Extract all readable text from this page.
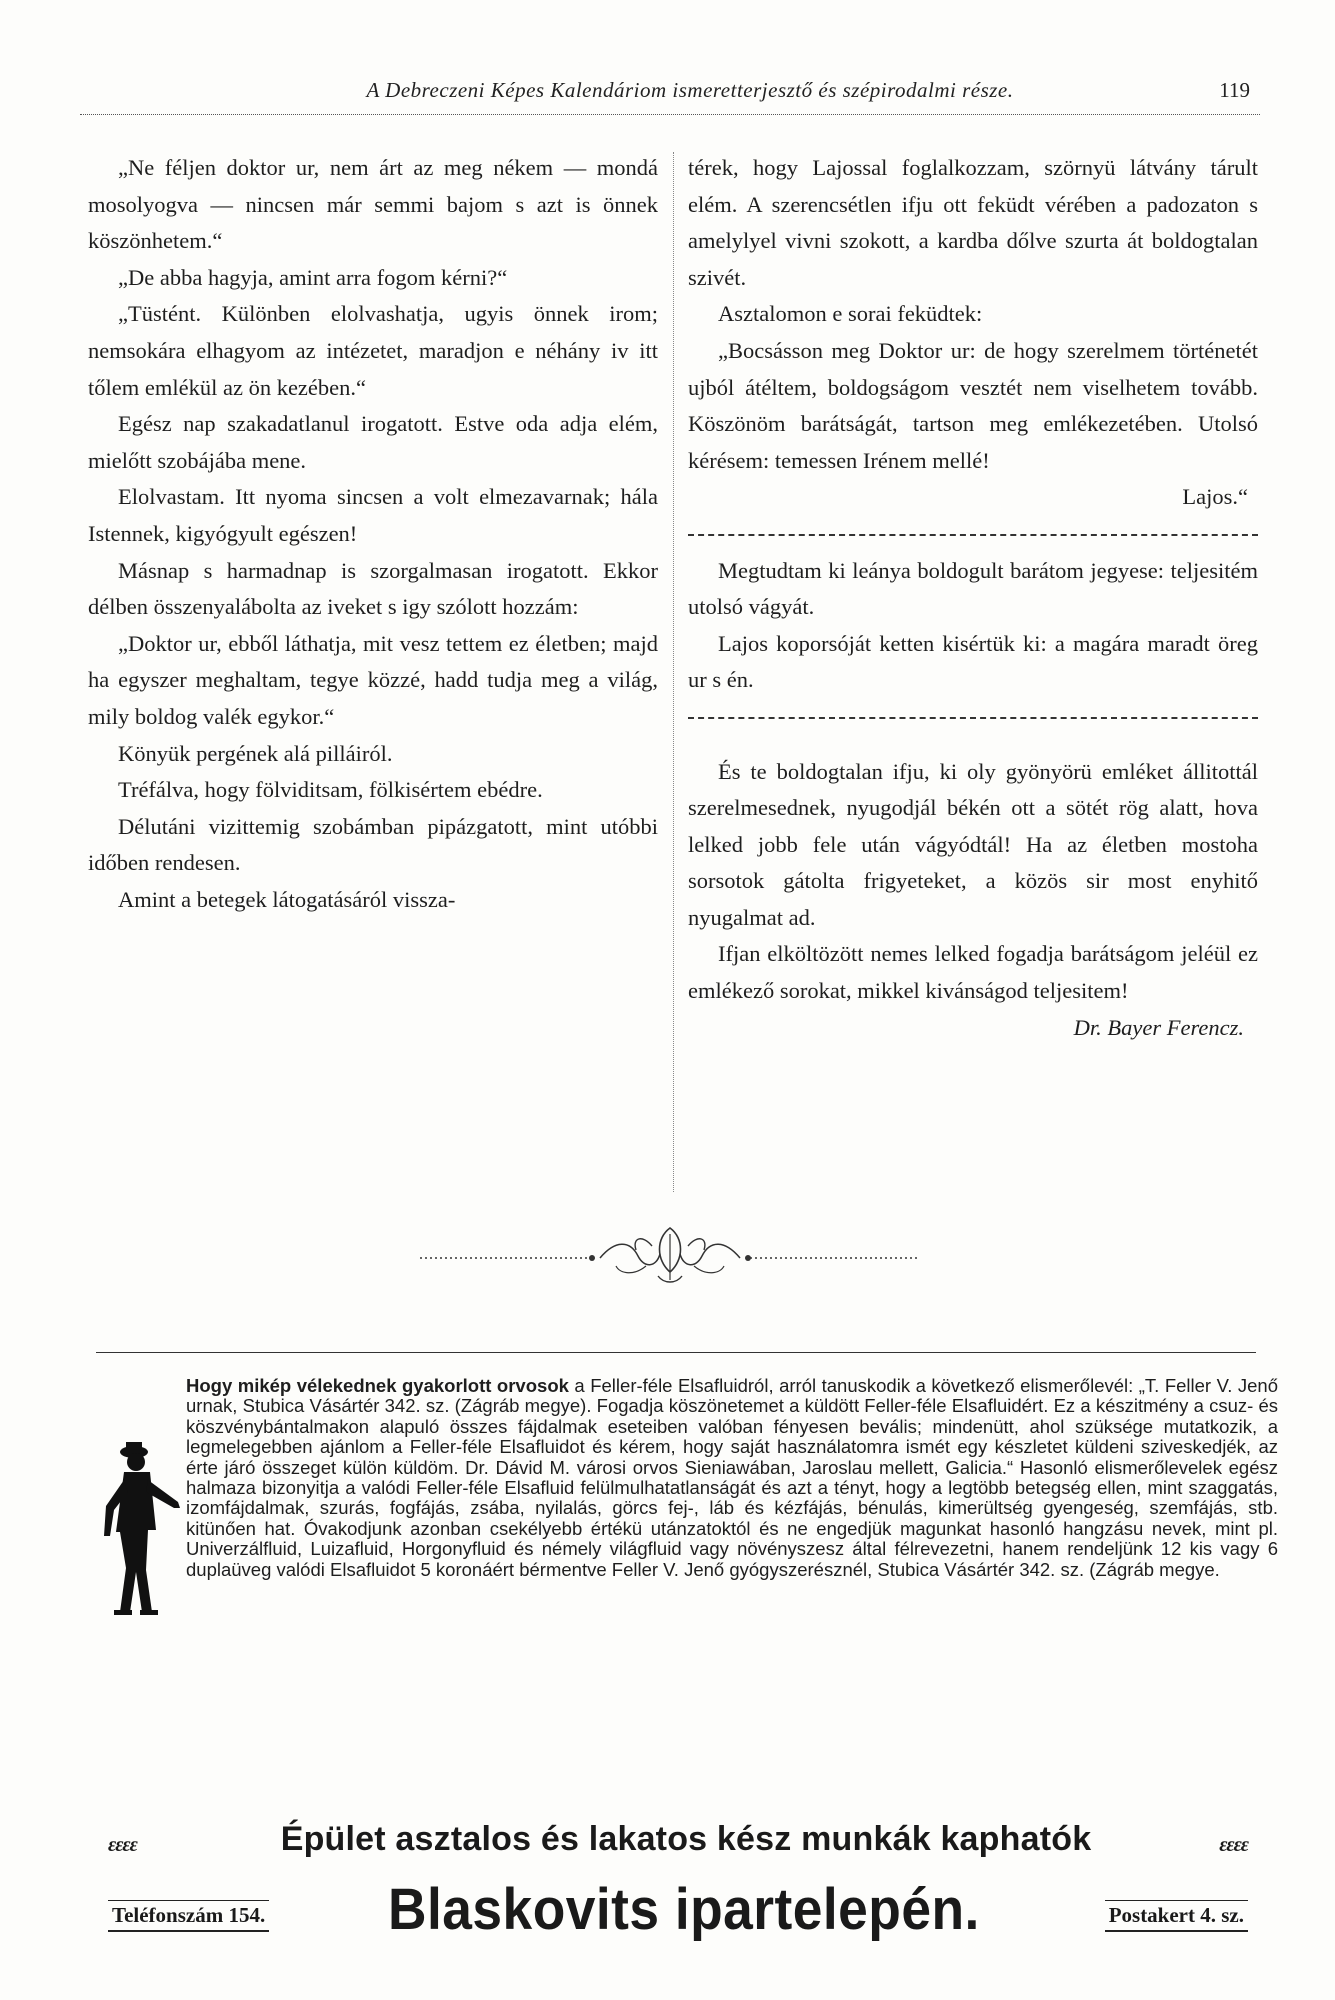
A Debreczeni Képes Kalendáriom ismeretterjesztő és szépirodalmi része.	119

„Ne féljen doktor ur, nem árt az meg nékem — mondá mosolyogva — nincsen már semmi bajom s azt is önnek köszönhetem.“

„De abba hagyja, amint arra fogom kérni?“

„Tüstént. Különben elolvashatja, ugyis önnek irom; nemsokára elhagyom az intézetet, maradjon e néhány iv itt tőlem emlékül az ön kezében.“

Egész nap szakadatlanul irogatott. Estve oda adja elém, mielőtt szobájába mene.

Elolvastam. Itt nyoma sincsen a volt elmezavarnak; hála Istennek, kigyógyult egészen!

Másnap s harmadnap is szorgalmasan irogatott. Ekkor délben összenyalábolta az iveket s igy szólott hozzám:

„Doktor ur, ebből láthatja, mit vesz tettem ez életben; majd ha egyszer meghaltam, tegye közzé, hadd tudja meg a világ, mily boldog valék egykor.“

Könyük pergének alá pilláiról.

Tréfálva, hogy fölviditsam, fölkisértem ebédre.

Délutáni vizittemig szobámban pipázgatott, mint utóbbi időben rendesen.

Amint a betegek látogatásáról vissza-

térek, hogy Lajossal foglalkozzam, szörnyü látvány tárult elém. A szerencsétlen ifju ott feküdt vérében a padozaton s amelylyel vivni szokott, a kardba dőlve szurta át boldogtalan szivét.

Asztalomon e sorai feküdtek:

„Bocsásson meg Doktor ur: de hogy szerelmem történetét ujból átéltem, boldogságom vesztét nem viselhetem tovább. Köszönöm barátságát, tartson meg emlékezetében. Utolsó kérésem: temessen Irénem mellé!

Lajos.“

Megtudtam ki leánya boldogult barátom jegyese: teljesitém utolsó vágyát.

Lajos koporsóját ketten kisértük ki: a magára maradt öreg ur s én.

És te boldogtalan ifju, ki oly gyönyörü emléket állitottál szerelmesednek, nyugodjál békén ott a sötét rög alatt, hova lelked jobb fele után vágyódtál! Ha az életben mostoha sorsotok gátolta frigyeteket, a közös sir most enyhitő nyugalmat ad.

Ifjan elköltözött nemes lelked fogadja barátságom jeléül ez emlékező sorokat, mikkel kivánságod teljesitem!

Dr. Bayer Ferencz.
Hogy mikép vélekednek gyakorlott orvosok a Feller-féle Elsafluidról, arról tanuskodik a következő elismerőlevél: „T. Feller V. Jenő urnak, Stubica Vásártér 342. sz. (Zágráb megye). Fogadja köszönetemet a küldött Feller-féle Elsafluidért. Ez a készitmény a csuz- és köszvénybántalmakon alapuló összes fájdalmak eseteiben valóban fényesen bevális; mindenütt, ahol szüksége mutatkozik, a legmelegebben ajánlom a Feller-féle Elsafluidot és kérem, hogy saját használatomra ismét egy készletet küldeni sziveskedjék, az érte járó összeget külön küldöm. Dr. Dávid M. városi orvos Sieniawában, Jaroslau mellett, Galicia.“ Hasonló elismerőlevelek egész halmaza bizonyitja a valódi Feller-féle Elsafluid felülmulhatatlanságát és azt a tényt, hogy a legtöbb betegség ellen, mint szaggatás, izomfájdalmak, szurás, fogfájás, zsába, nyilalás, görcs fej-, láb és kézfájás, bénulás, kimerültség gyengeség, szemfájás, stb. kitünően hat. Óvakodjunk azonban csekélyebb értékü utánzatoktól és ne engedjük magunkat hasonló hangzásu nevek, mint pl. Univerzálfluid, Luizafluid, Horgonyfluid és némely világfluid vagy növényszesz által félrevezetni, hanem rendeljünk 12 kis vagy 6 duplaüveg valódi Elsafluidot 5 koronáért bérmentve Feller V. Jenő gyógyszerésznél, Stubica Vásártér 342. sz. (Zágráb megye.
ɛɛɛɛ	Épület asztalos és lakatos kész munkák kaphatók	ɛɛɛɛ
Teléfonszám 154. Blaskovits ipartelepén.	Postakert 4. sz.
